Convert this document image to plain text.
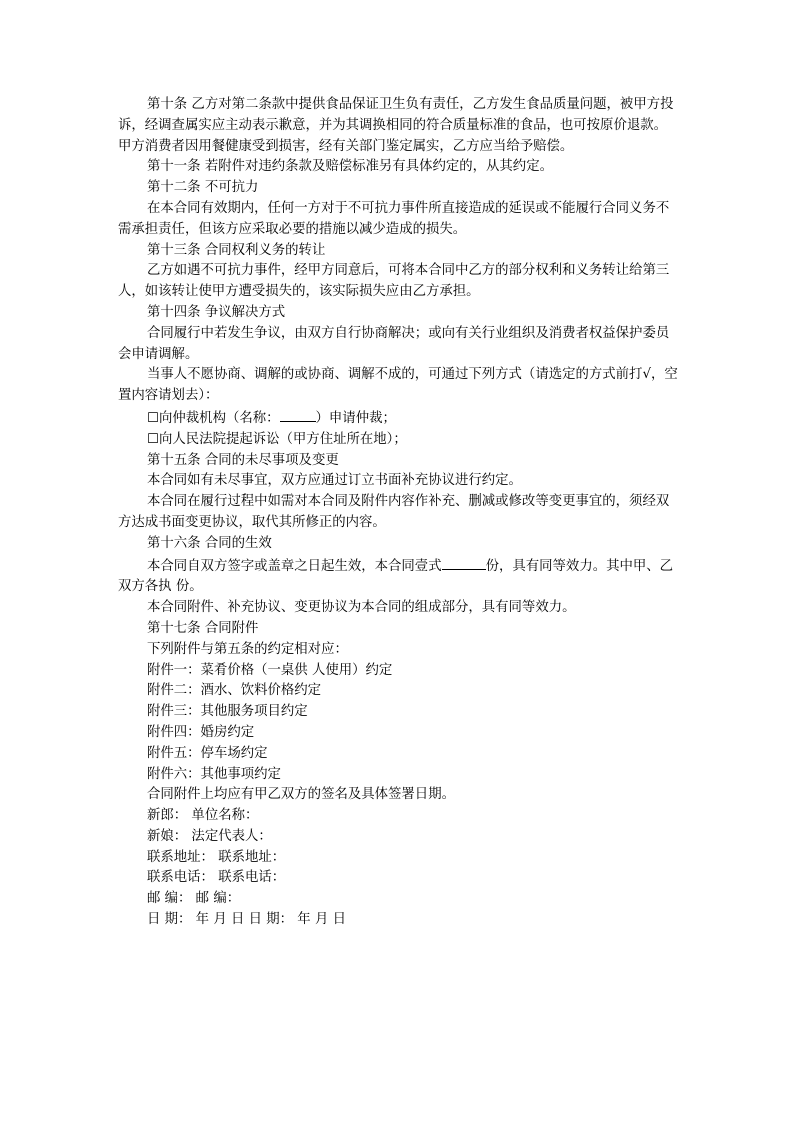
第十条 乙方对第二条款中提供食品保证卫生负有责任，乙方发生食品质量问题，被甲方投诉，经调查属实应主动表示歉意，并为其调换相同的符合质量标准的食品，也可按原价退款。甲方消费者因用餐健康受到损害，经有关部门鉴定属实，乙方应当给予赔偿。

第十一条 若附件对违约条款及赔偿标准另有具体约定的，从其约定。

第十二条 不可抗力

在本合同有效期内，任何一方对于不可抗力事件所直接造成的延误或不能履行合同义务不需承担责任，但该方应采取必要的措施以减少造成的损失。

第十三条 合同权利义务的转让

乙方如遇不可抗力事件，经甲方同意后，可将本合同中乙方的部分权利和义务转让给第三人，如该转让使甲方遭受损失的，该实际损失应由乙方承担。

第十四条 争议解决方式

合同履行中若发生争议，由双方自行协商解决；或向有关行业组织及消费者权益保护委员会申请调解。

当事人不愿协商、调解的或协商、调解不成的，可通过下列方式（请选定的方式前打√，空置内容请划去）：

☐向仲裁机构（名称：	）申请仲裁；

☐向人民法院提起诉讼（甲方住址所在地）；

第十五条 合同的未尽事项及变更

本合同如有未尽事宜，双方应通过订立书面补充协议进行约定。

本合同在履行过程中如需对本合同及附件内容作补充、删减或修改等变更事宜的，须经双方达成书面变更协议，取代其所修正的内容。

第十六条 合同的生效

本合同自双方签字或盖章之日起生效，本合同壹式	份，具有同等效力。其中甲、乙双方各执 份。

本合同附件、补充协议、变更协议为本合同的组成部分，具有同等效力。

第十七条 合同附件

下列附件与第五条的约定相对应：

附件一：菜肴价格（一桌供 人使用）约定

附件二：酒水、饮料价格约定

附件三：其他服务项目约定

附件四：婚房约定

附件五：停车场约定

附件六：其他事项约定

合同附件上均应有甲乙双方的签名及具体签署日期。

新郎： 单位名称：

新娘： 法定代表人：

联系地址： 联系地址：

联系电话： 联系电话：

邮 编： 邮 编：

日 期： 年 月 日 日 期： 年 月 日
